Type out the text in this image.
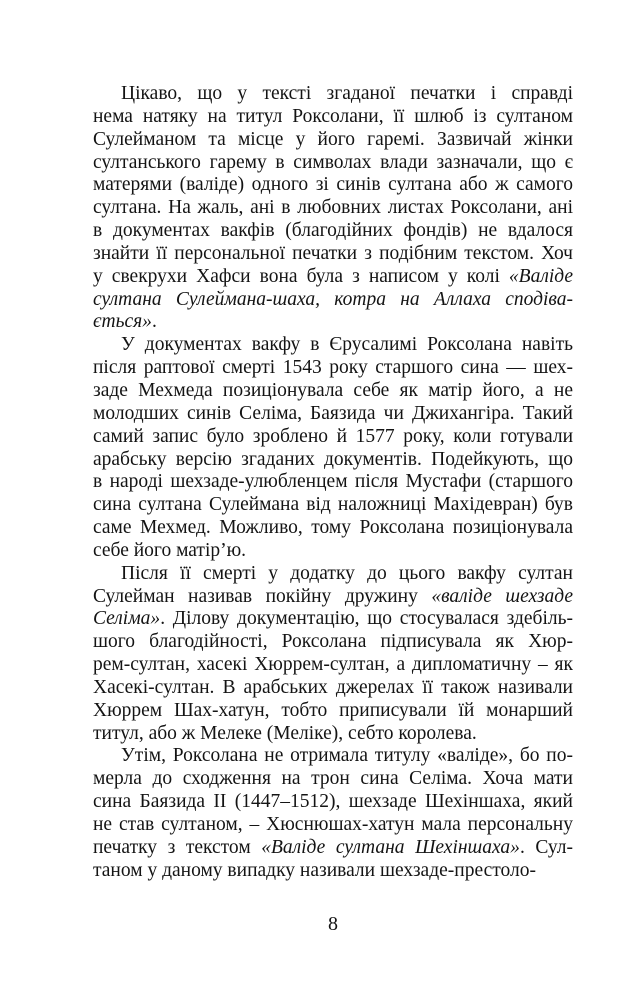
Цікаво, що у тексті згаданої печатки і справді
нема натяку на титул Роксолани, її шлюб із султаном
Сулейманом та місце у його гаремі. Зазвичай жінки
султанського гарему в символах влади зазначали, що є
матерями (валіде) одного зі синів султана або ж самого
султана. На жаль, ані в любовних листах Роксолани, ані
в документах вакфів (благодійних фондів) не вдалося
знайти її персональної печатки з подібним текстом. Хоч
у свекрухи Хафси вона була з написом у колі «Валіде
султана Сулеймана-шаха, котра на Аллаха сподіва-
ється».
У документах вакфу в Єрусалимі Роксолана навіть
після раптової смерті 1543 року старшого сина — шех-
заде Мехмеда позиціонувала себе як матір його, а не
молодших синів Селіма, Баязида чи Джихангіра. Такий
самий запис було зроблено й 1577 року, коли готували
арабську версію згаданих документів. Подейкують, що
в народі шехзаде-улюбленцем після Мустафи (старшого
сина султана Сулеймана від наложниці Махідевран) був
саме Мехмед. Можливо, тому Роксолана позиціонувала
себе його матір’ю.
Після її смерті у додатку до цього вакфу султан
Сулейман називав покійну дружину «валіде шехзаде
Селіма». Ділову документацію, що стосувалася здебіль-
шого благодійності, Роксолана підписувала як Хюр-
рем-султан, хасекі Хюррем-султан, а дипломатичну – як
Хасекі-султан. В арабських джерелах її також називали
Хюррем Шах-хатун, тобто приписували їй монарший
титул, або ж Мелеке (Меліке), себто королева.
Утім, Роксолана не отримала титулу «валіде», бо по-
мерла до сходження на трон сина Селіма. Хоча мати
сина Баязида II (1447–1512), шехзаде Шехіншаха, який
не став султаном, – Хюснюшах-хатун мала персональну
печатку з текстом «Валіде султана Шехіншаха». Сул-
таном у даному випадку називали шехзаде-престоло-
8
